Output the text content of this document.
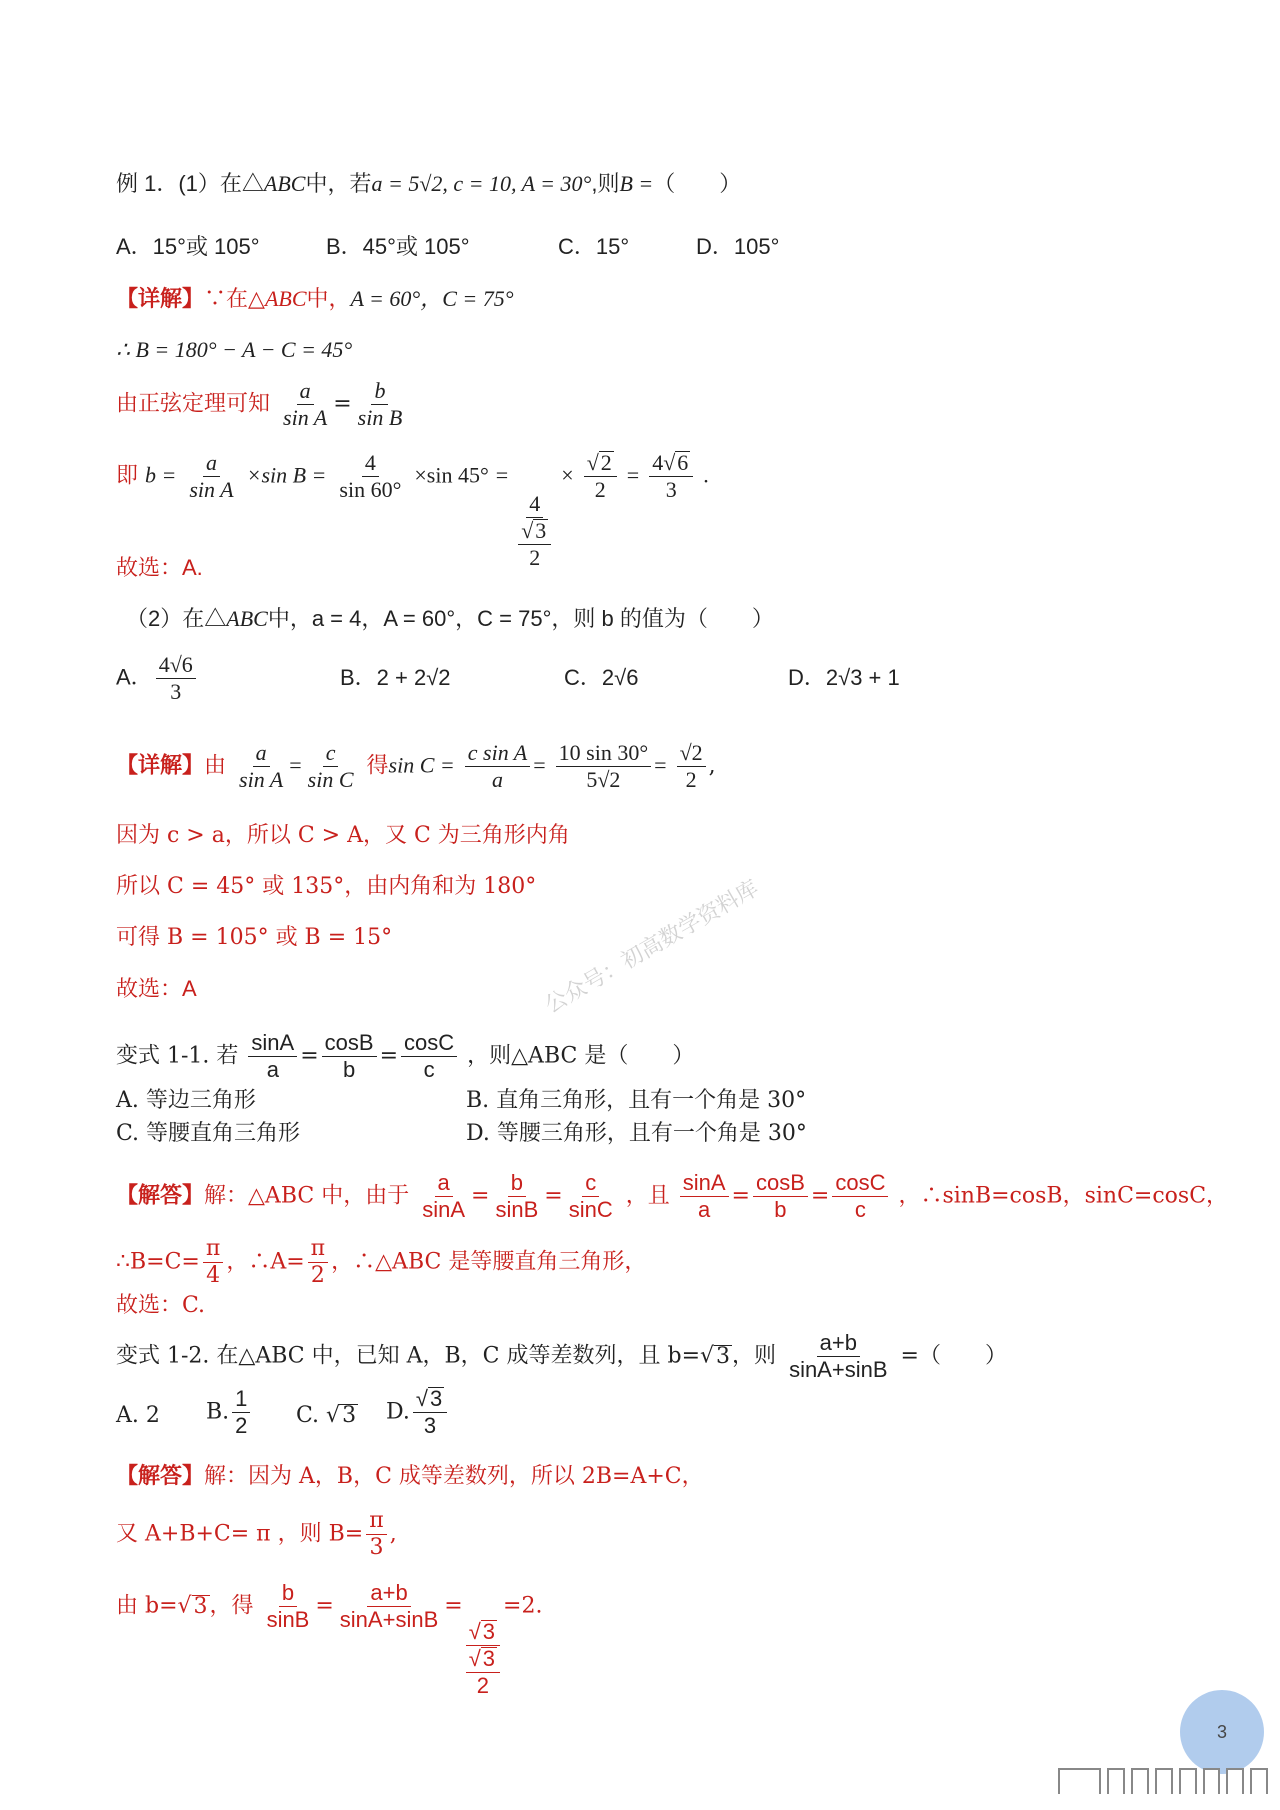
例 1．(1）在△ABC中，若a = 5√2, c = 10, A = 30°,则B =（　　）
A．15°或 105°	B．45°或 105°	C．15°	D．105°
【详解】∵在△ABC中，A = 60°，C = 75°
∴ B = 180° − A − C = 45°
由正弦定理可知 $\frac{a}{\text{sin A}} = \frac{b}{\text{sin B}}$
即 $b = \frac{a}{\text{sin A}} \times\sin$ $B = \frac{4}{\sin 60^\circ} \times\sin$ 45° =
4
√3
2
× $\frac{√2}{2} = \frac{4√6}{3}$ .
故选：A.
（2）在△ABC中，a = 4，A = 60°，C = 75°，则 b 的值为（　　）
A． $\frac{4√6}{3}$	B．2 + 2√2	C．2√6	D．2√3 + 1
【详解】由 $\frac{a}{\text{sin A}} = \frac{c}{\text{sin C}}$ 得$\sin C = \frac{\text{c sin A}}{a} = \frac{10 \sin 30^\circ}{5√2} = \frac{√2}{2}$ ,
因为 c > a，所以 C > A，又 C 为三角形内角
所以 C = 45° 或 135°，由内角和为 180°
可得 B = 105° 或 B = 15°
故选：A
变式 1-1. 若 $\frac{\sin A}{a} = \frac{\cos B}{b} = \frac{\cos C}{c}$ ，则△ABC 是（　　）
A. 等边三角形	B. 直角三角形，且有一个角是 30°
C. 等腰直角三角形	D. 等腰三角形，且有一个角是 30°
【解答】解：△ABC 中，由于 $\frac{a}{\sin A} = \frac{b}{\sin B} = \frac{c}{\sin C}$ ，且 $\frac{\sin A}{a} = \frac{\cos B}{b} = \frac{\cos C}{c}$ ，∴sinB=cosB，sinC=cosC，
∴B=C= $\frac{\pi}{4}$ ，∴A= $\frac{\pi}{2}$ ，∴△ABC 是等腰直角三角形，
故选：C.
变式 1-2. 在△ABC 中，已知 A，B，C 成等差数列，且 b=√3，则 $\frac{a+b}{\sin A+\sin B}$ =（　　）
A. 2 B. $\frac{1}{2} C$. √3 D. $\frac{√3}{3}$
【解答】解：因为 A，B，C 成等差数列，所以 2B=A+C，
又 A+B+C= π ，则 $B= \frac{\pi}{3}$ ,
由 b=√3，得 $\frac{b}{\sin B} = \frac{a+b}{\sin A+\sin B}$ =
√3
√3
2
=2.
公众号：初高数学资料库
3
